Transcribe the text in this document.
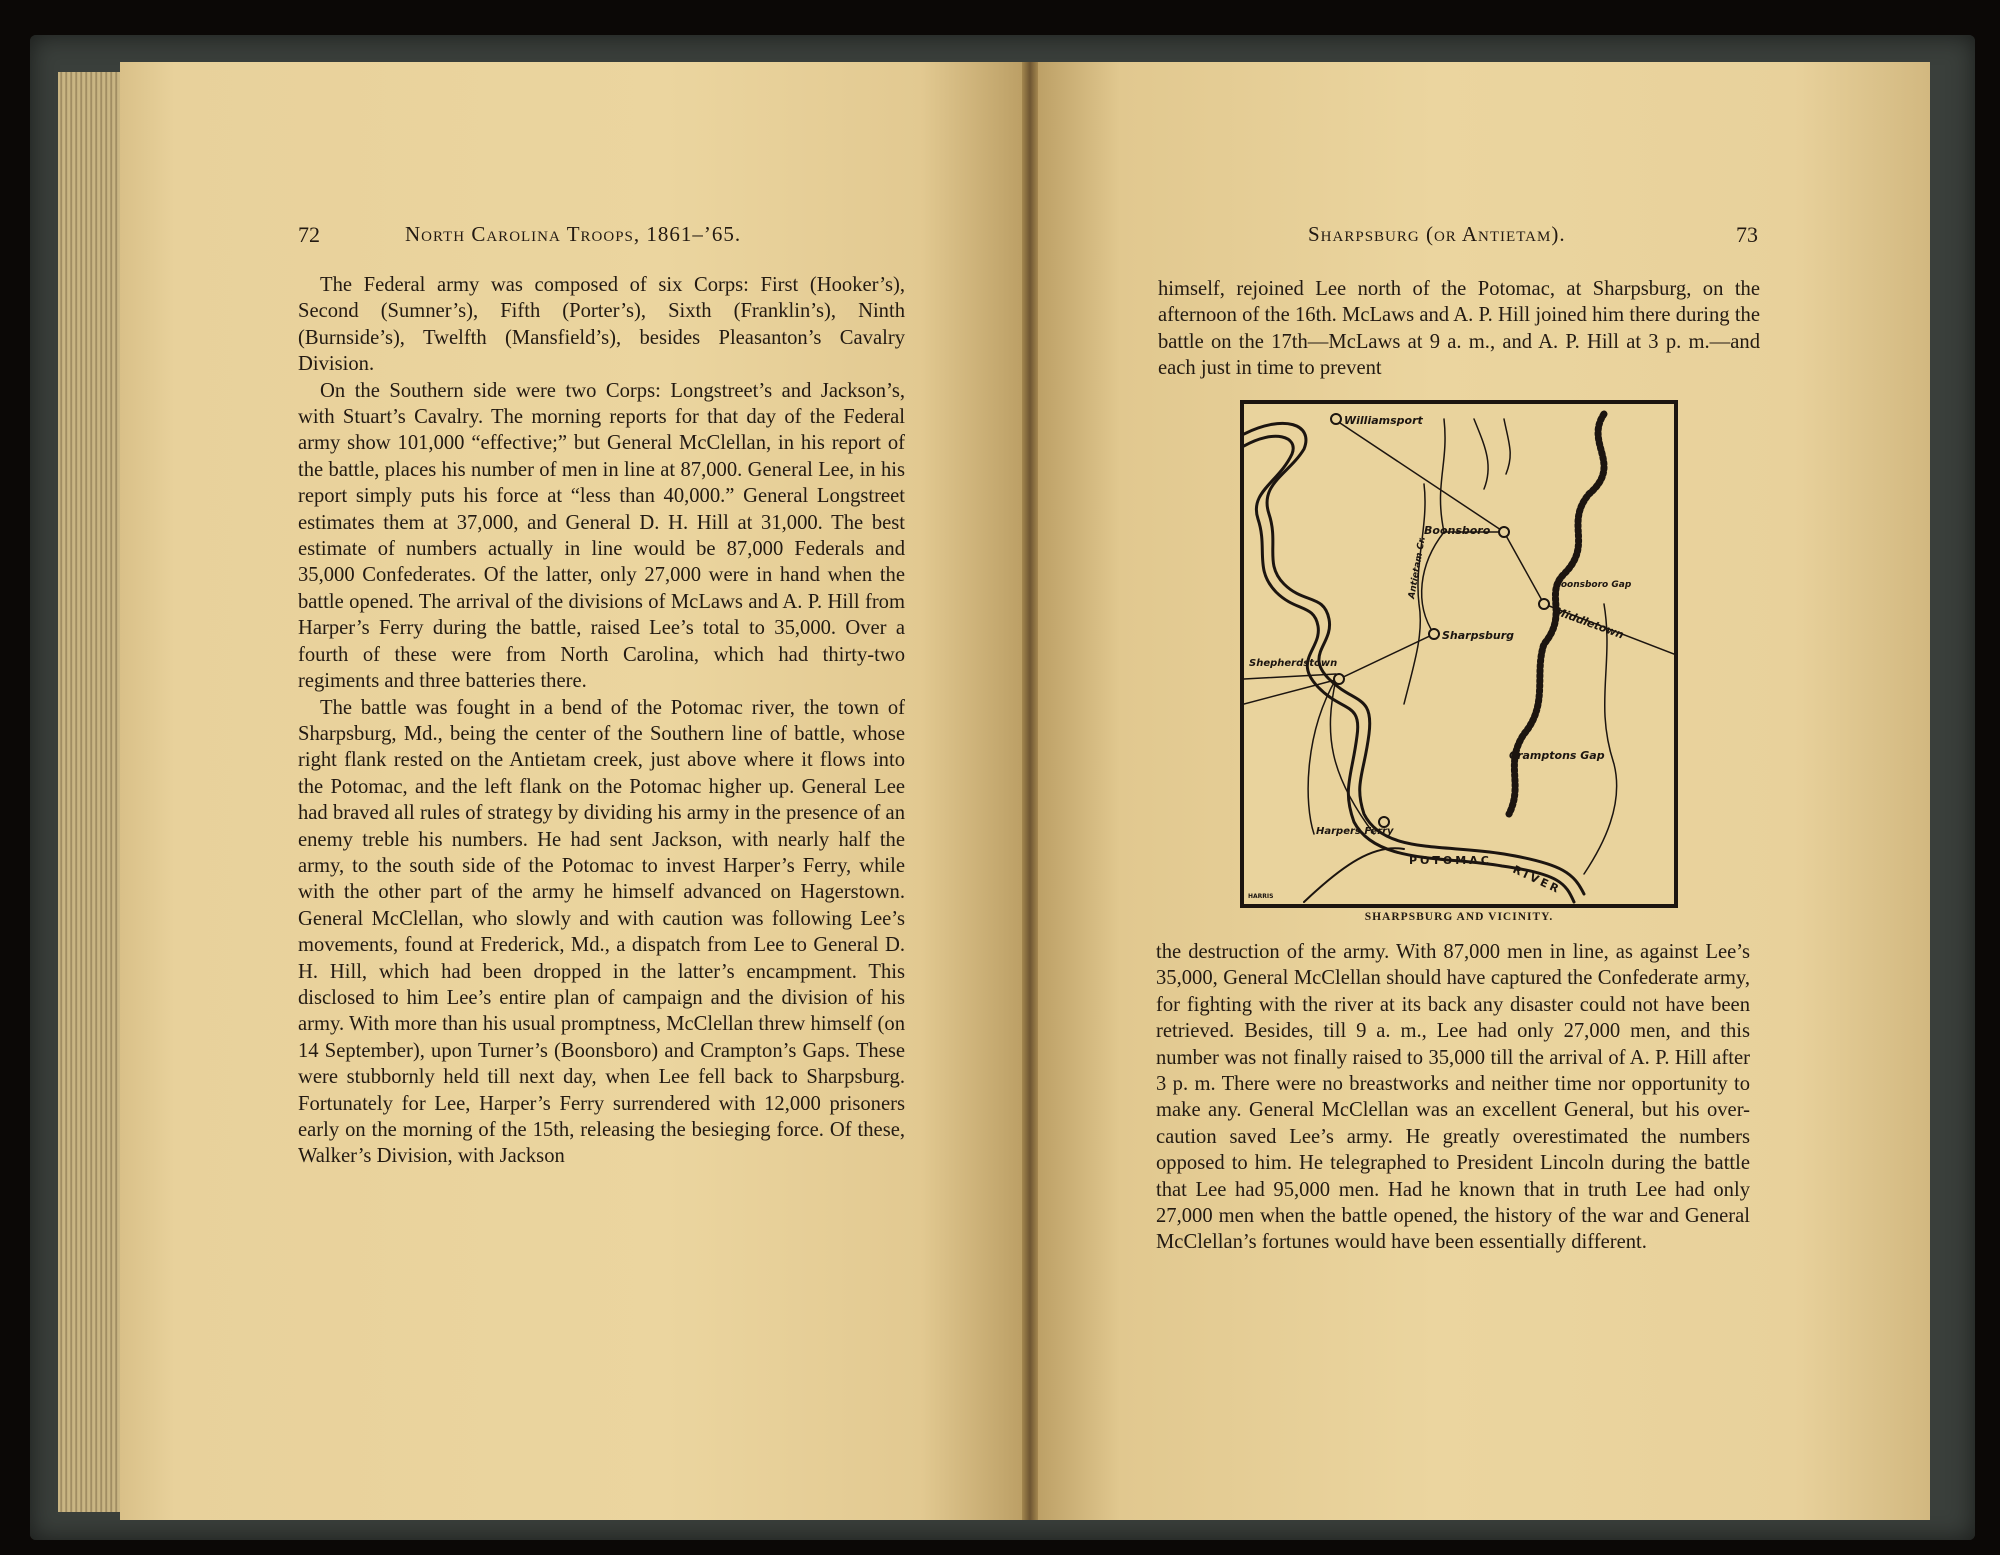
72	North Carolina Troops, 1861–’65.

The Federal army was composed of six Corps: First (Hooker’s), Second (Sumner’s), Fifth (Porter’s), Sixth (Franklin’s), Ninth (Burnside’s), Twelfth (Mansfield’s), besides Pleasanton’s Cavalry Division.

On the Southern side were two Corps: Longstreet’s and Jackson’s, with Stuart’s Cavalry. The morning reports for that day of the Federal army show 101,000 “effective;” but General McClellan, in his report of the battle, places his number of men in line at 87,000. General Lee, in his report simply puts his force at “less than 40,000.” General Longstreet estimates them at 37,000, and General D. H. Hill at 31,000. The best estimate of numbers actually in line would be 87,000 Federals and 35,000 Confederates. Of the latter, only 27,000 were in hand when the battle opened. The arrival of the divisions of McLaws and A. P. Hill from Harper’s Ferry during the battle, raised Lee’s total to 35,000. Over a fourth of these were from North Carolina, which had thirty-two regiments and three batteries there.

The battle was fought in a bend of the Potomac river, the town of Sharpsburg, Md., being the center of the Southern line of battle, whose right flank rested on the Antietam creek, just above where it flows into the Potomac, and the left flank on the Potomac higher up. General Lee had braved all rules of strategy by dividing his army in the presence of an enemy treble his numbers. He had sent Jackson, with nearly half the army, to the south side of the Potomac to invest Harper’s Ferry, while with the other part of the army he himself advanced on Hagerstown. General McClellan, who slowly and with caution was following Lee’s movements, found at Frederick, Md., a dispatch from Lee to General D. H. Hill, which had been dropped in the latter’s encampment. This disclosed to him Lee’s entire plan of campaign and the division of his army. With more than his usual promptness, McClellan threw himself (on 14 September), upon Turner’s (Boonsboro) and Crampton’s Gaps. These were stubbornly held till next day, when Lee fell back to Sharpsburg. Fortunately for Lee, Harper’s Ferry surrendered with 12,000 prisoners early on the morning of the 15th, releasing the besieging force. Of these, Walker’s Division, with Jackson

Sharpsburg (or Antietam).	73

himself, rejoined Lee north of the Potomac, at Sharpsburg, on the afternoon of the 16th. McLaws and A. P. Hill joined him there during the battle on the 17th—McLaws at 9 a. m., and A. P. Hill at 3 p. m.—and each just in time to prevent

Williamsport
Boonsboro
Antietam Cr.	Boonsboro Gap
Sharpsburg	Middletown
Shepherdstown
Cramptons Gap
Harpers Ferry
POTOMAC
RIVER
HARRIS
SHARPSBURG AND VICINITY.

the destruction of the army. With 87,000 men in line, as against Lee’s 35,000, General McClellan should have captured the Confederate army, for fighting with the river at its back any disaster could not have been retrieved. Besides, till 9 a. m., Lee had only 27,000 men, and this number was not finally raised to 35,000 till the arrival of A. P. Hill after 3 p. m. There were no breastworks and neither time nor opportunity to make any. General McClellan was an excellent General, but his over-caution saved Lee’s army. He greatly overestimated the numbers opposed to him. He telegraphed to President Lincoln during the battle that Lee had 95,000 men. Had he known that in truth Lee had only 27,000 men when the battle opened, the history of the war and General McClellan’s fortunes would have been essentially different.
